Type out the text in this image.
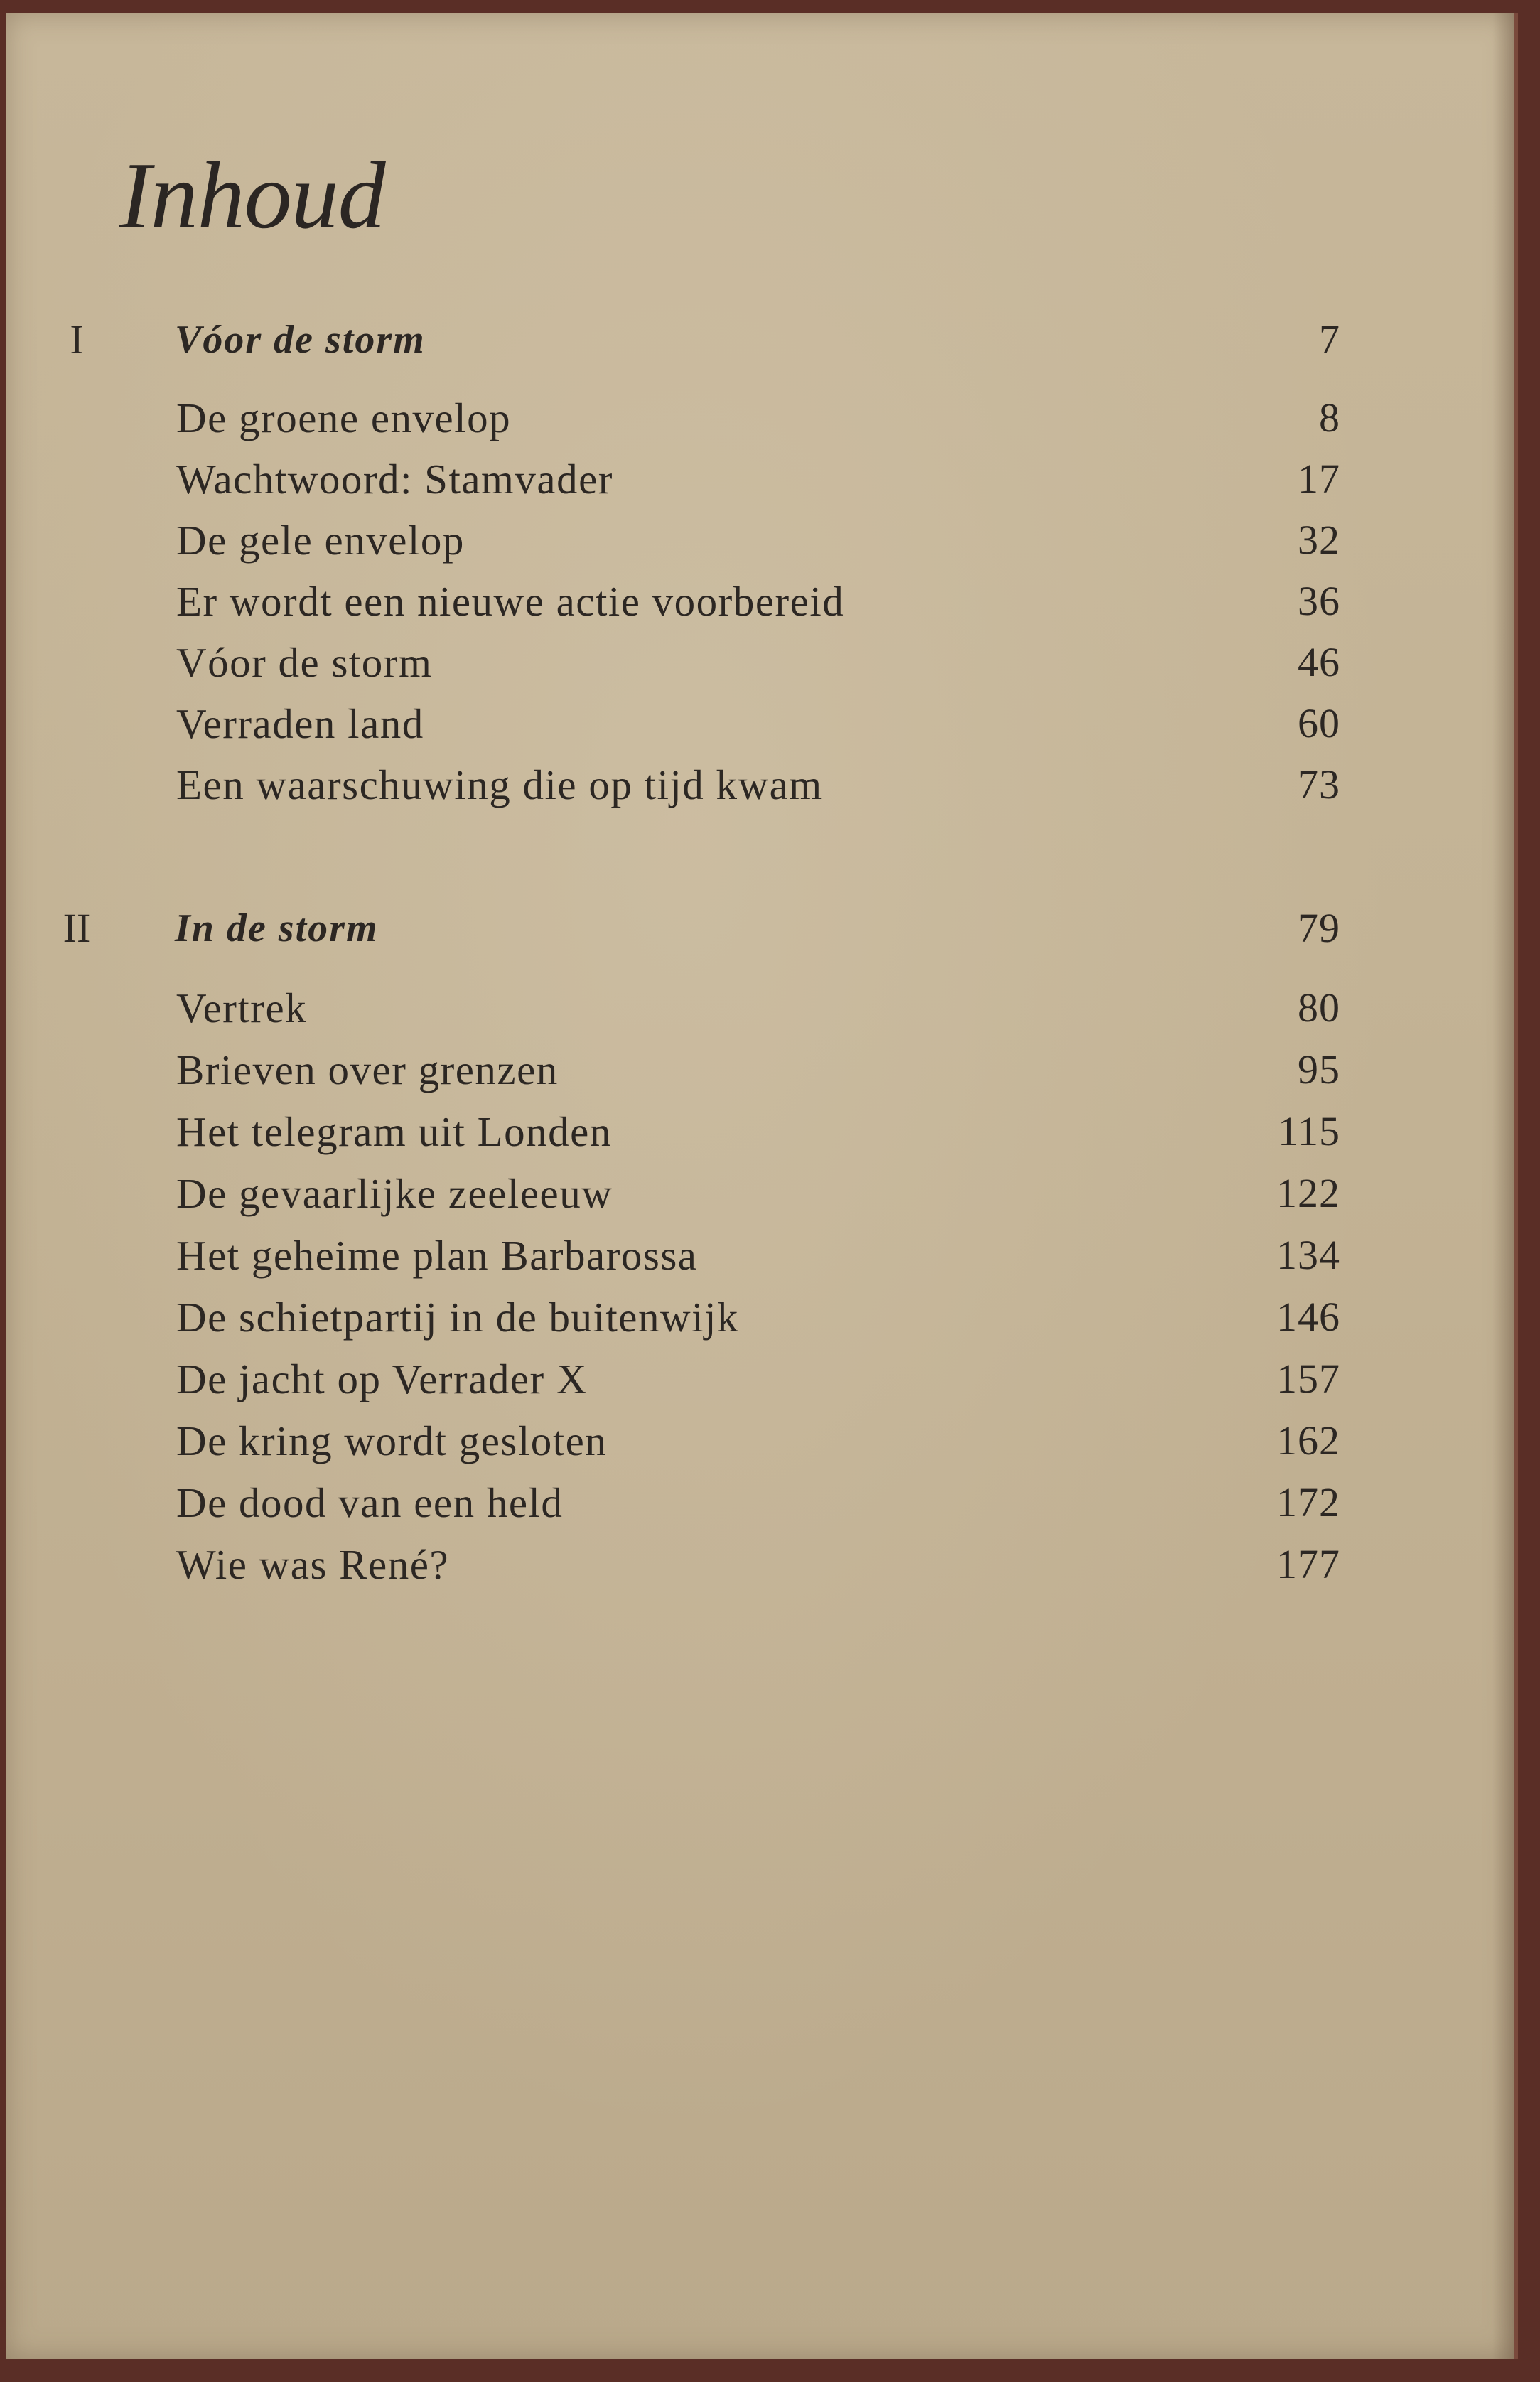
Inhoud
I	Vóor de storm	7
De groene envelop	8
Wachtwoord: Stamvader	17
De gele envelop	32
Er wordt een nieuwe actie voorbereid	36
Vóor de storm	46
Verraden land	60
Een waarschuwing die op tijd kwam	73
II	In de storm	79
Vertrek	80
Brieven over grenzen	95
Het telegram uit Londen	115
De gevaarlijke zeeleeuw	122
Het geheime plan Barbarossa	134
De schietpartij in de buitenwijk	146
De jacht op Verrader X	157
De kring wordt gesloten	162
De dood van een held	172
Wie was René?	177
